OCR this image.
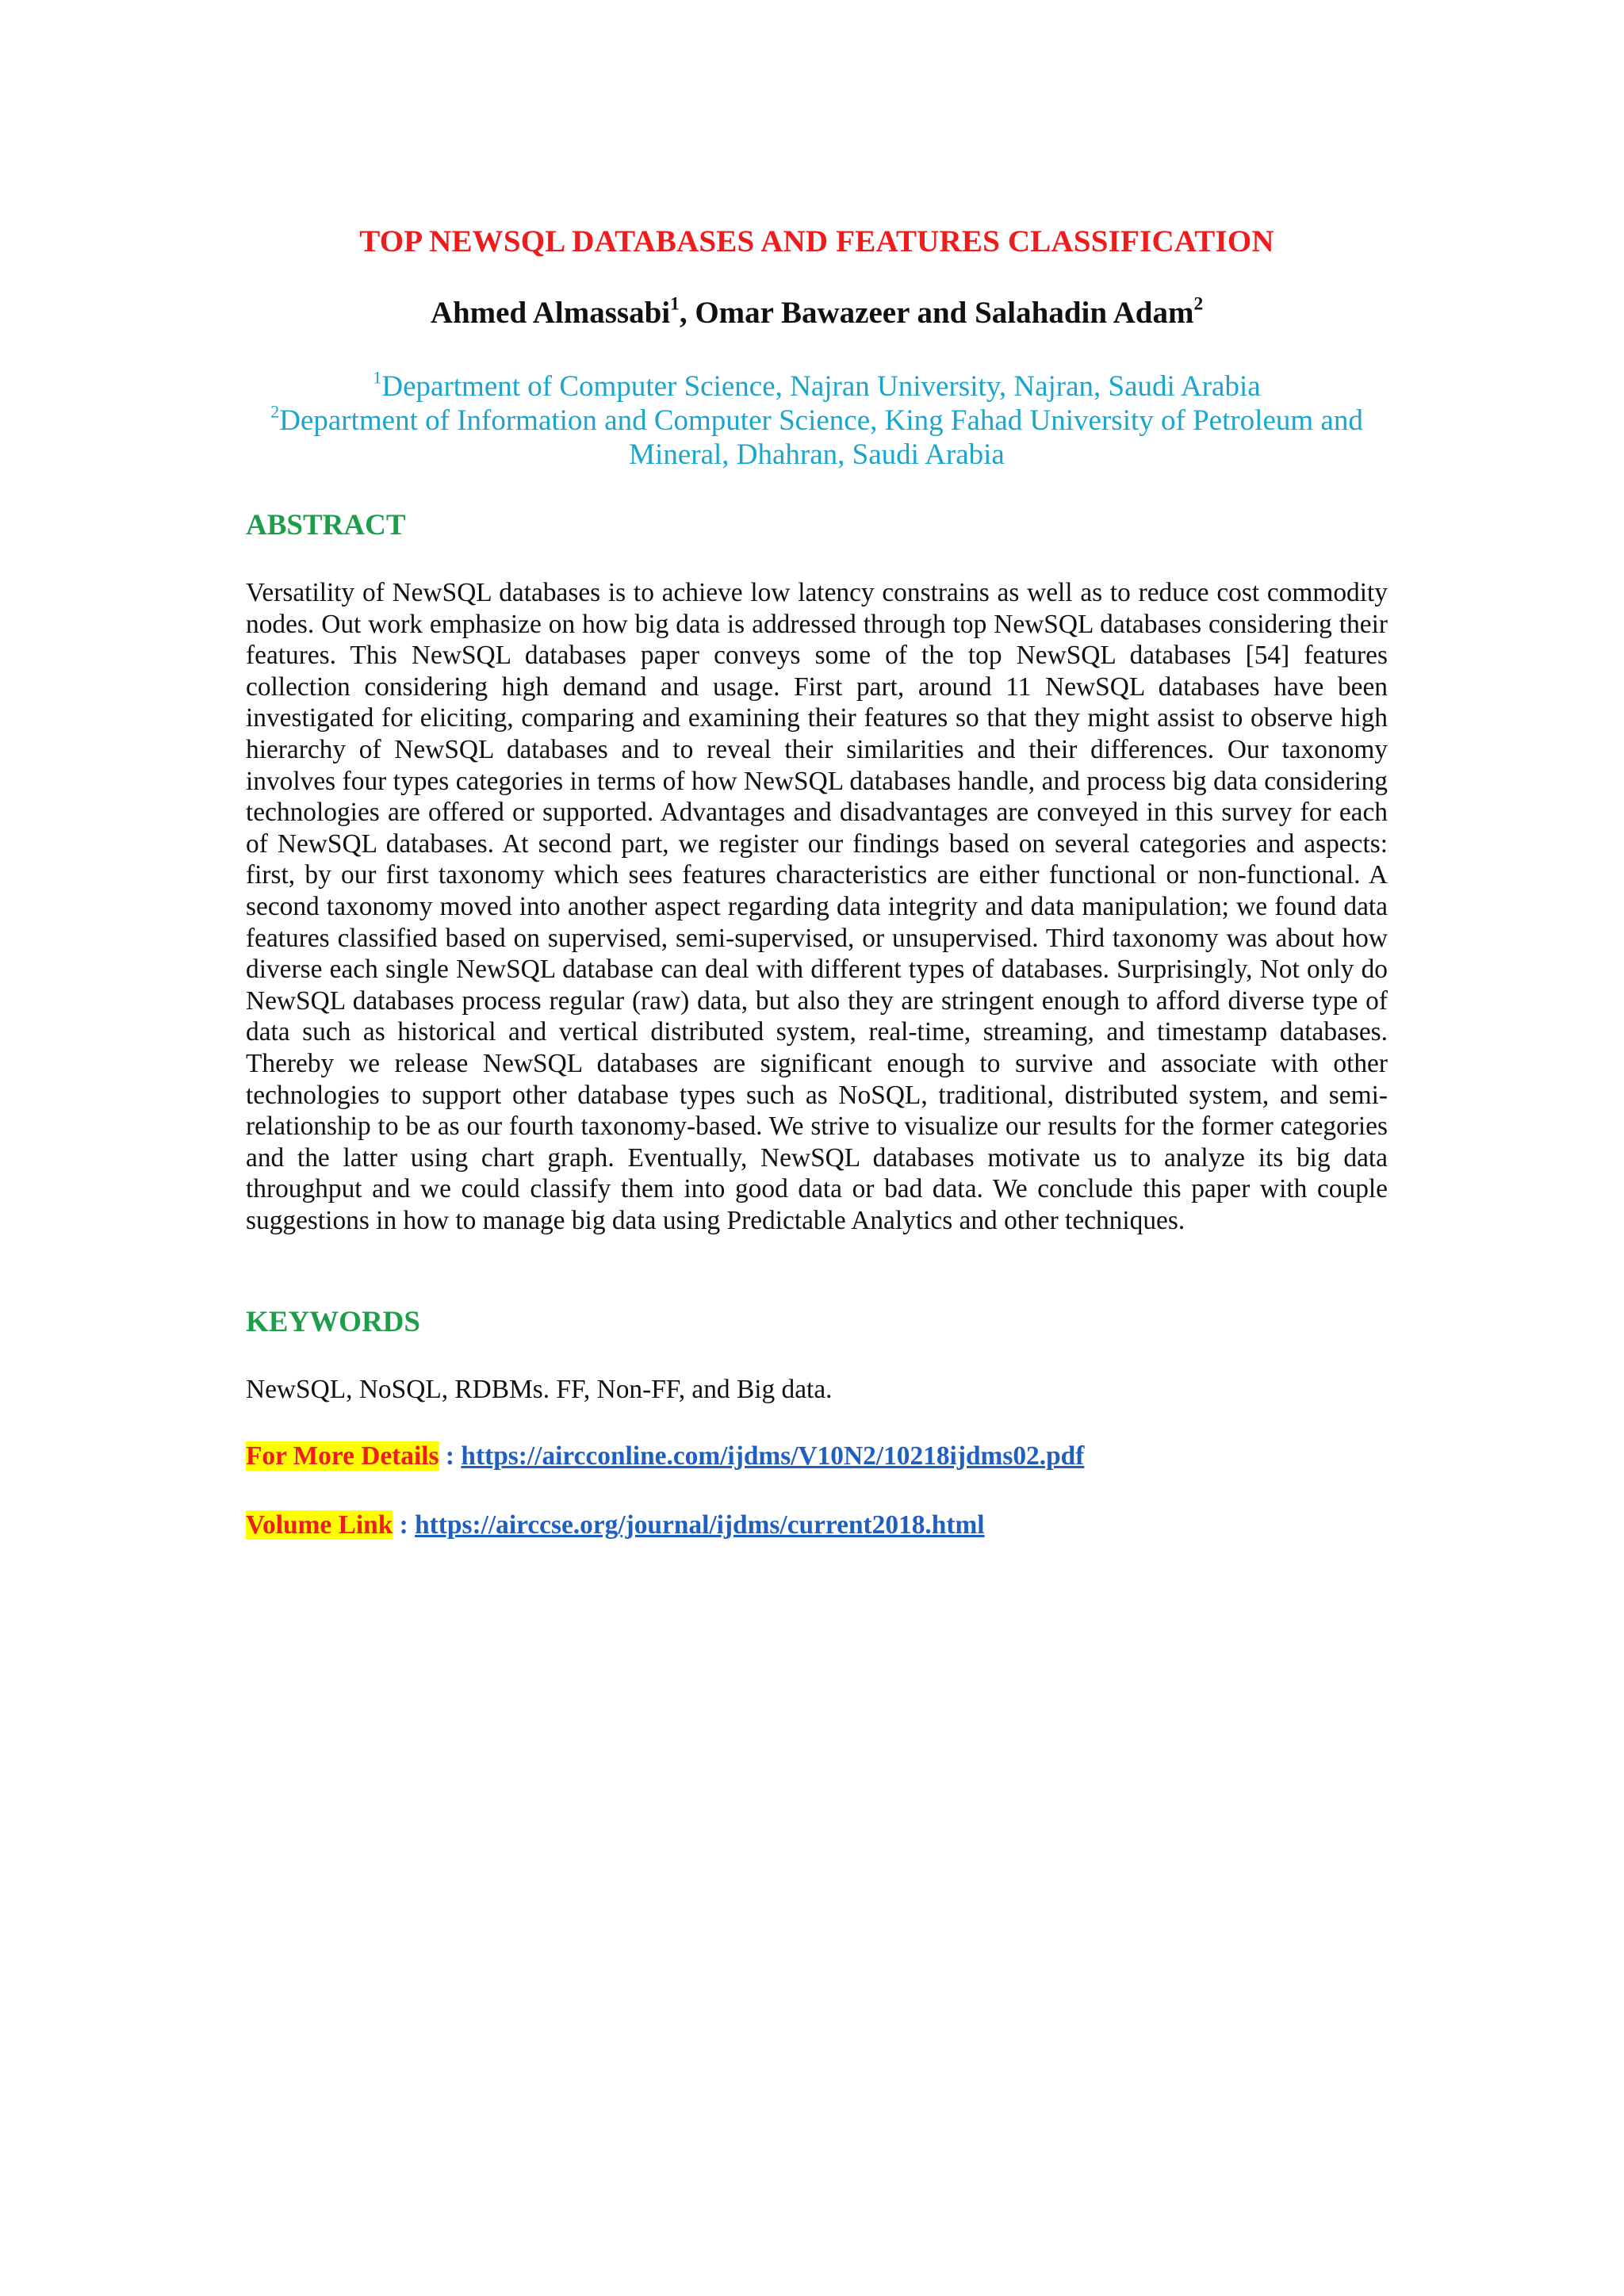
TOP NEWSQL DATABASES AND FEATURES CLASSIFICATION

Ahmed Almassabi$^1$, Omar Bawazeer and Salahadin Adam$^2$

$^1$Department of Computer Science, Najran University, Najran, Saudi Arabia
$^2$Department of Information and Computer Science, King Fahad University of Petroleum and Mineral, Dhahran, Saudi Arabia
ABSTRACT

Versatility of NewSQL databases is to achieve low latency constrains as well as to reduce cost commodity nodes. Out work emphasize on how big data is addressed through top NewSQL databases considering their features. This NewSQL databases paper conveys some of the top NewSQL databases [54] features collection considering high demand and usage. First part, around 11 NewSQL databases have been investigated for eliciting, comparing and examining their features so that they might assist to observe high hierarchy of NewSQL databases and to reveal their similarities and their differences. Our taxonomy involves four types categories in terms of how NewSQL databases handle, and process big data considering technologies are offered or supported. Advantages and disadvantages are conveyed in this survey for each of NewSQL databases. At second part, we register our findings based on several categories and aspects: first, by our first taxonomy which sees features characteristics are either functional or non-functional. A second taxonomy moved into another aspect regarding data integrity and data manipulation; we found data features classified based on supervised, semi-supervised, or unsupervised. Third taxonomy was about how diverse each single NewSQL database can deal with different types of databases. Surprisingly, Not only do NewSQL databases process regular (raw) data, but also they are stringent enough to afford diverse type of data such as historical and vertical distributed system, real-time, streaming, and timestamp databases. Thereby we release NewSQL databases are significant enough to survive and associate with other technologies to support other database types such as NoSQL, traditional, distributed system, and semi- relationship to be as our fourth taxonomy-based. We strive to visualize our results for the former categories and the latter using chart graph. Eventually, NewSQL databases motivate us to analyze its big data throughput and we could classify them into good data or bad data. We conclude this paper with couple suggestions in how to manage big data using Predictable Analytics and other techniques.

KEYWORDS

NewSQL, NoSQL, RDBMs. FF, Non-FF, and Big data.

For More Details : https://aircconline.com/ijdms/V10N2/10218ijdms02.pdf

Volume Link : https://airccse.org/journal/ijdms/current2018.html
